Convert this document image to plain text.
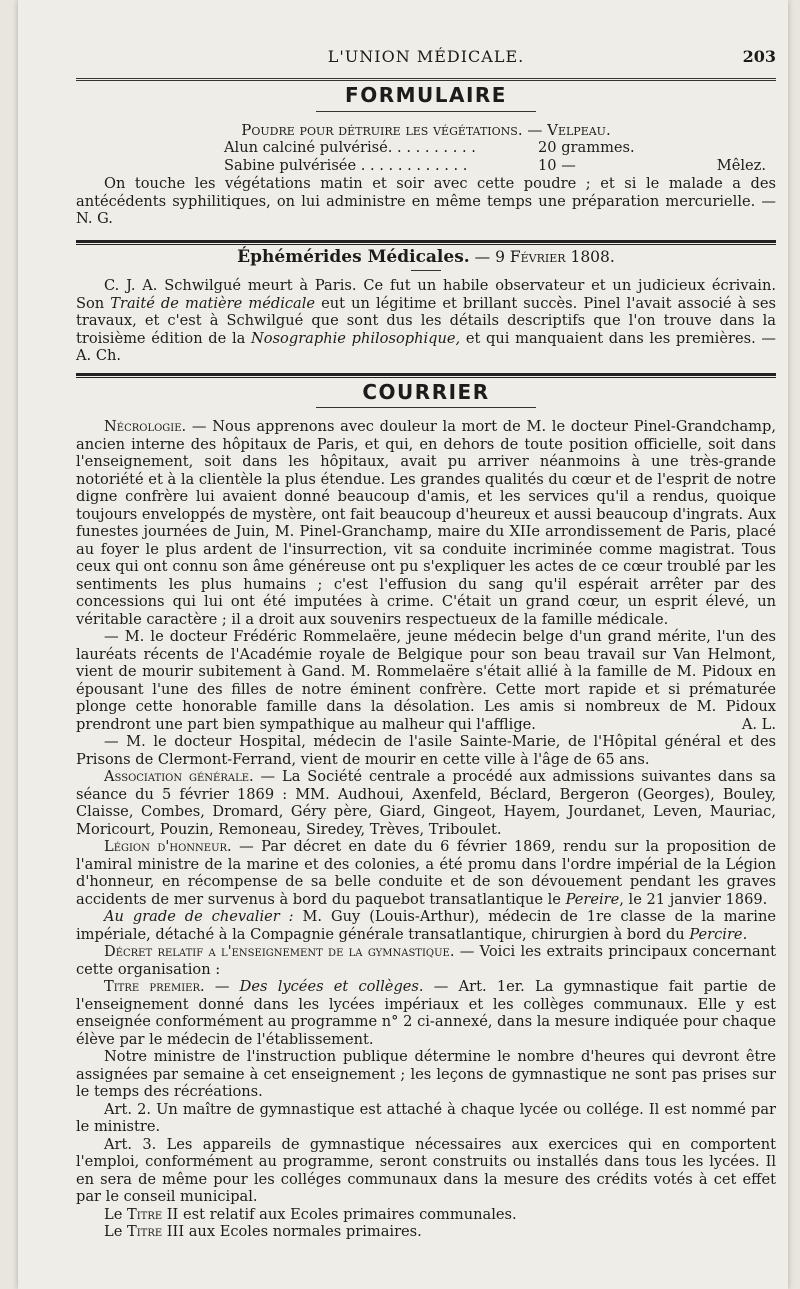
L'UNION MÉDICALE.	203
FORMULAIRE
Poudre pour détruire les végétations. — Velpeau.
Alun calciné pulvérisé. . . . . . . . . .	20 grammes.
Sabine pulvérisée . . . . . . . . . . . .	10 —	Mêlez.

On touche les végétations matin et soir avec cette poudre ; et si le malade a des antécédents syphilitiques, on lui administre en même temps une préparation mercurielle. — N. G.

Éphémérides Médicales. — 9 Février 1808.

C. J. A. Schwilgué meurt à Paris. Ce fut un habile observateur et un judicieux écrivain. Son Traité de matière médicale eut un légitime et brillant succès. Pinel l'avait associé à ses travaux, et c'est à Schwilgué que sont dus les détails descriptifs que l'on trouve dans la troisième édition de la Nosographie philosophique, et qui manquaient dans les premières. — A. Ch.

COURRIER

Nécrologie. — Nous apprenons avec douleur la mort de M. le docteur Pinel-Grandchamp, ancien interne des hôpitaux de Paris, et qui, en dehors de toute position officielle, soit dans l'enseignement, soit dans les hôpitaux, avait pu arriver néanmoins à une très-grande notoriété et à la clientèle la plus étendue. Les grandes qualités du cœur et de l'esprit de notre digne confrère lui avaient donné beaucoup d'amis, et les services qu'il a rendus, quoique toujours enveloppés de mystère, ont fait beaucoup d'heureux et aussi beaucoup d'ingrats. Aux funestes journées de Juin, M. Pinel-Granchamp, maire du XIIe arrondissement de Paris, placé au foyer le plus ardent de l'insurrection, vit sa conduite incriminée comme magistrat. Tous ceux qui ont connu son âme généreuse ont pu s'expliquer les actes de ce cœur troublé par les sentiments les plus humains ; c'est l'effusion du sang qu'il espérait arrêter par des concessions qui lui ont été imputées à crime. C'était un grand cœur, un esprit élevé, un véritable caractère ; il a droit aux souvenirs respectueux de la famille médicale.

— M. le docteur Frédéric Rommelaëre, jeune médecin belge d'un grand mérite, l'un des lauréats récents de l'Académie royale de Belgique pour son beau travail sur Van Helmont, vient de mourir subitement à Gand. M. Rommelaëre s'était allié à la famille de M. Pidoux en épousant l'une des filles de notre éminent confrère. Cette mort rapide et si prématurée plonge cette honorable famille dans la désolation. Les amis si nombreux de M. Pidoux prendront une part bien sympathique au malheur qui l'afflige.	A. L.

— M. le docteur Hospital, médecin de l'asile Sainte-Marie, de l'Hôpital général et des Prisons de Clermont-Ferrand, vient de mourir en cette ville à l'âge de 65 ans.

Association générale. — La Société centrale a procédé aux admissions suivantes dans sa séance du 5 février 1869 : MM. Audhoui, Axenfeld, Béclard, Bergeron (Georges), Bouley, Claisse, Combes, Dromard, Géry père, Giard, Gingeot, Hayem, Jourdanet, Leven, Mauriac, Moricourt, Pouzin, Remoneau, Siredey, Trèves, Triboulet.

Légion d'honneur. — Par décret en date du 6 février 1869, rendu sur la proposition de l'amiral ministre de la marine et des colonies, a été promu dans l'ordre impérial de la Légion d'honneur, en récompense de sa belle conduite et de son dévouement pendant les graves accidents de mer survenus à bord du paquebot transatlantique le Pereire, le 21 janvier 1869.

Au grade de chevalier : M. Guy (Louis-Arthur), médecin de 1re classe de la marine impériale, détaché à la Compagnie générale transatlantique, chirurgien à bord du Percire.

Décret relatif a l'enseignement de la gymnastique. — Voici les extraits principaux concernant cette organisation :

Titre premier. — Des lycées et collèges. — Art. 1er. La gymnastique fait partie de l'enseignement donné dans les lycées impériaux et les collèges communaux. Elle y est enseignée conformément au programme n° 2 ci-annexé, dans la mesure indiquée pour chaque élève par le médecin de l'établissement.

Notre ministre de l'instruction publique détermine le nombre d'heures qui devront être assignées par semaine à cet enseignement ; les leçons de gymnastique ne sont pas prises sur le temps des récréations.

Art. 2. Un maître de gymnastique est attaché à chaque lycée ou collége. Il est nommé par le ministre.

Art. 3. Les appareils de gymnastique nécessaires aux exercices qui en comportent l'emploi, conformément au programme, seront construits ou installés dans tous les lycées. Il en sera de même pour les colléges communaux dans la mesure des crédits votés à cet effet par le conseil municipal.

Le Titre II est relatif aux Ecoles primaires communales.

Le Titre III aux Ecoles normales primaires.
